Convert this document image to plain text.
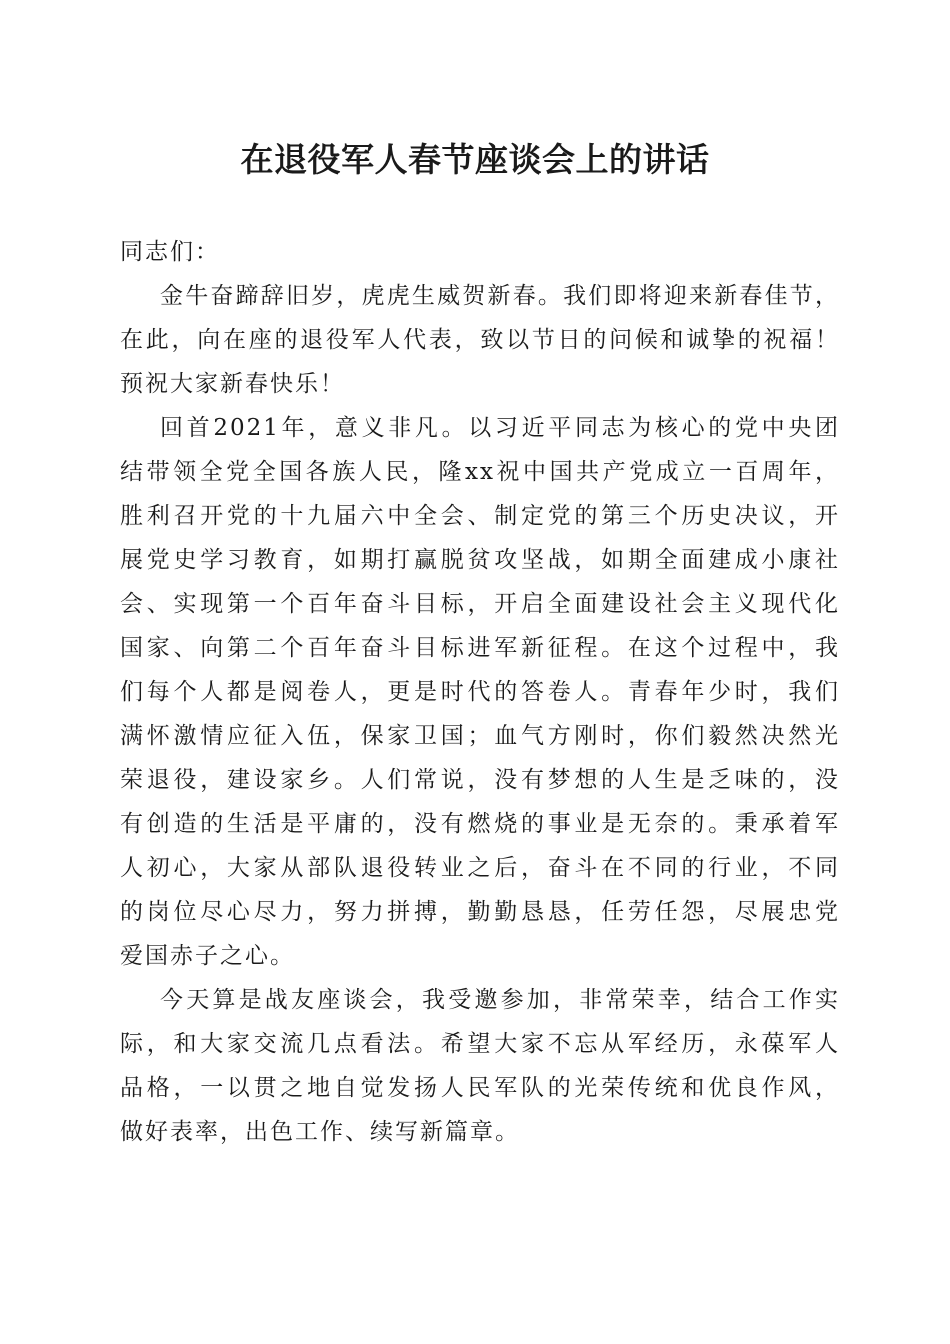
在退役军人春节座谈会上的讲话
同志们：
金牛奋蹄辞旧岁，虎虎生威贺新春。我们即将迎来新春佳节，
在此，向在座的退役军人代表，致以节日的问候和诚挚的祝福！
预祝大家新春快乐！
回首2021年，意义非凡。以习近平同志为核心的党中央团
结带领全党全国各族人民，隆xx祝中国共产党成立一百周年，
胜利召开党的十九届六中全会、制定党的第三个历史决议，开
展党史学习教育，如期打赢脱贫攻坚战，如期全面建成小康社
会、实现第一个百年奋斗目标，开启全面建设社会主义现代化
国家、向第二个百年奋斗目标进军新征程。在这个过程中，我
们每个人都是阅卷人，更是时代的答卷人。青春年少时，我们
满怀激情应征入伍，保家卫国；血气方刚时，你们毅然决然光
荣退役，建设家乡。人们常说，没有梦想的人生是乏味的，没
有创造的生活是平庸的，没有燃烧的事业是无奈的。秉承着军
人初心，大家从部队退役转业之后，奋斗在不同的行业，不同
的岗位尽心尽力，努力拼搏，勤勤恳恳，任劳任怨，尽展忠党
爱国赤子之心。
今天算是战友座谈会，我受邀参加，非常荣幸，结合工作实
际，和大家交流几点看法。希望大家不忘从军经历，永葆军人
品格，一以贯之地自觉发扬人民军队的光荣传统和优良作风，
做好表率，出色工作、续写新篇章。
